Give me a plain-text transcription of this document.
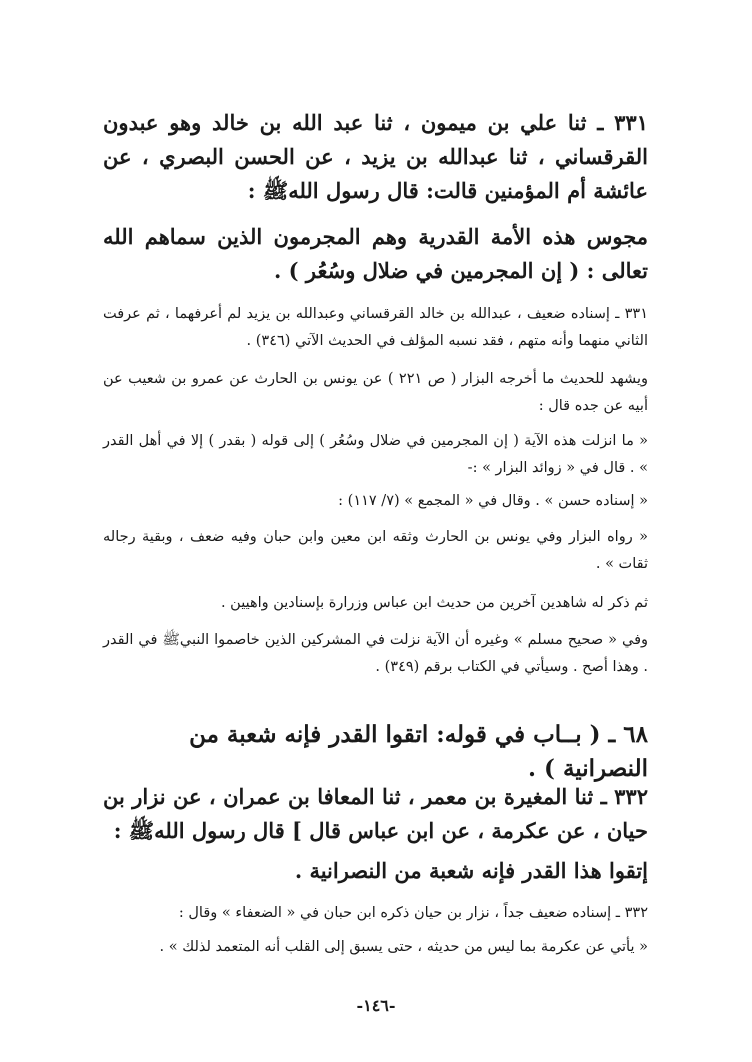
٣٣١ ـ ثنا علي بن ميمون ، ثنا عبد الله بن خالد وهو عبدون القرقساني ، ثنا عبدالله بن يزيد ، عن الحسن البصري ، عن عائشة أم المؤمنين قالت: قال رسول اللهﷺ :

مجوس هذه الأمة القدرية وهم المجرمون الذين سماهم الله تعالى : ( إن المجرمين في ضلال وسُعُر ) .

٣٣١ ـ إسناده ضعيف ، عبدالله بن خالد القرقساني وعبدالله بن يزيد لم أعرفهما ، ثم عرفت الثاني منهما وأنه متهم ، فقد نسبه المؤلف في الحديث الآتي (٣٤٦) .

ويشهد للحديث ما أخرجه البزار ( ص ٢٢١ ) عن يونس بن الحارث عن عمرو بن شعيب عن أبيه عن جده قال :

« ما انزلت هذه الآية ( إن المجرمين في ضلال وسُعُر ) إلى قوله ( بقدر ) إلا في أهل القدر » . قال في « زوائد البزار » :-

« إسناده حسن » . وقال في « المجمع » (٧/ ١١٧) :

« رواه البزار وفي يونس بن الحارث وثقه ابن معين وابن حبان وفيه ضعف ، وبقية رجاله ثقات » .

ثم ذكر له شاهدين آخرين من حديث ابن عباس وزرارة بإسنادين واهيين .

وفي « صحيح مسلم » وغيره أن الآية نزلت في المشركين الذين خاصموا النبيﷺ في القدر . وهذا أصح . وسيأتي في الكتاب برقم (٣٤٩) .

٦٨ ـ ( بــاب في قوله: اتقوا القدر فإنه شعبة من النصرانية ) .

٣٣٢ ـ ثنا المغيرة بن معمر ، ثنا المعافا بن عمران ، عن نزار بن حيان ، عن عكرمة ، عن ابن عباس قال ] قال رسول اللهﷺ :

إتقوا هذا القدر فإنه شعبة من النصرانية .

٣٣٢ ـ إسناده ضعيف جداً ، نزار بن حيان ذكره ابن حبان في « الضعفاء » وقال :

« يأتي عن عكرمة بما ليس من حديثه ، حتى يسبق إلى القلب أنه المتعمد لذلك » .

-١٤٦-
